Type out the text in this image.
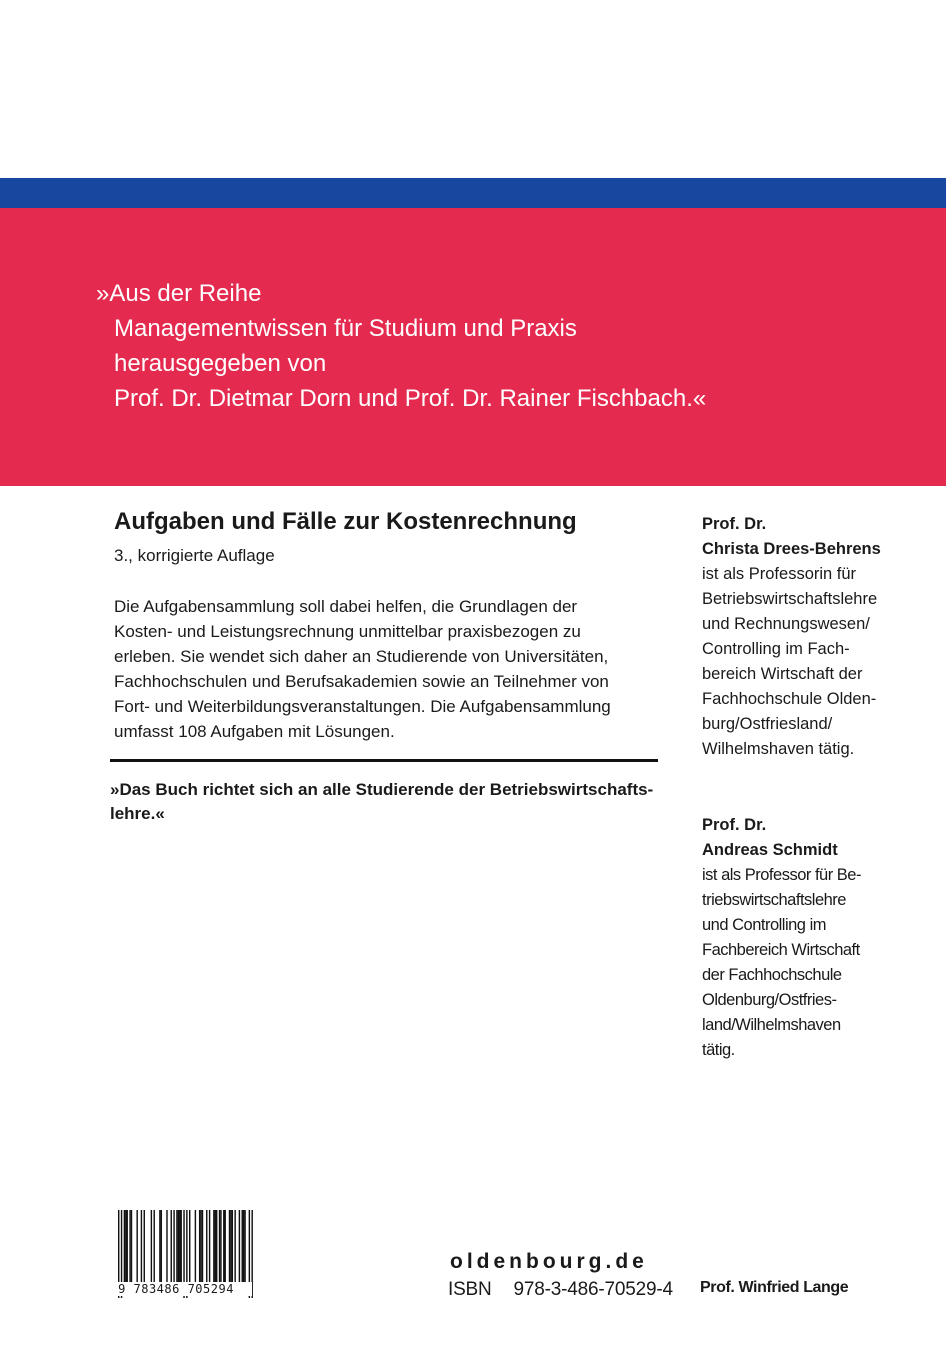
»Aus der Reihe
Managementwissen für Studium und Praxis
herausgegeben von
Prof. Dr. Dietmar Dorn und Prof. Dr. Rainer Fischbach.«
Aufgaben und Fälle zur Kostenrechnung
3., korrigierte Auflage
Die Aufgabensammlung soll dabei helfen, die Grundlagen der
Kosten- und Leistungsrechnung unmittelbar praxisbezogen zu
erleben. Sie wendet sich daher an Studierende von Universitäten,
Fachhochschulen und Berufsakademien sowie an Teilnehmer von
Fort- und Weiterbildungsveranstaltungen. Die Aufgabensammlung
umfasst 108 Aufgaben mit Lösungen.
»Das Buch richtet sich an alle Studierende der Betriebswirtschafts-
lehre.«
Prof. Dr.
Christa Drees-Behrens
ist als Professorin für
Betriebswirtschaftslehre
und Rechnungswesen/
Controlling im Fach-
bereich Wirtschaft der
Fachhochschule Olden-
burg/Ostfriesland/
Wilhelmshaven tätig.
Prof. Dr.
Andreas Schmidt
ist als Professor für Be-
triebswirtschaftslehre
und Controlling im
Fachbereich Wirtschaft
der Fachhochschule
Oldenburg/Ostfries-
land/Wilhelmshaven
tätig.
9 783486 705294
oldenbourg.de
ISBN 978-3-486-70529-4 Prof. Winfried Lange
